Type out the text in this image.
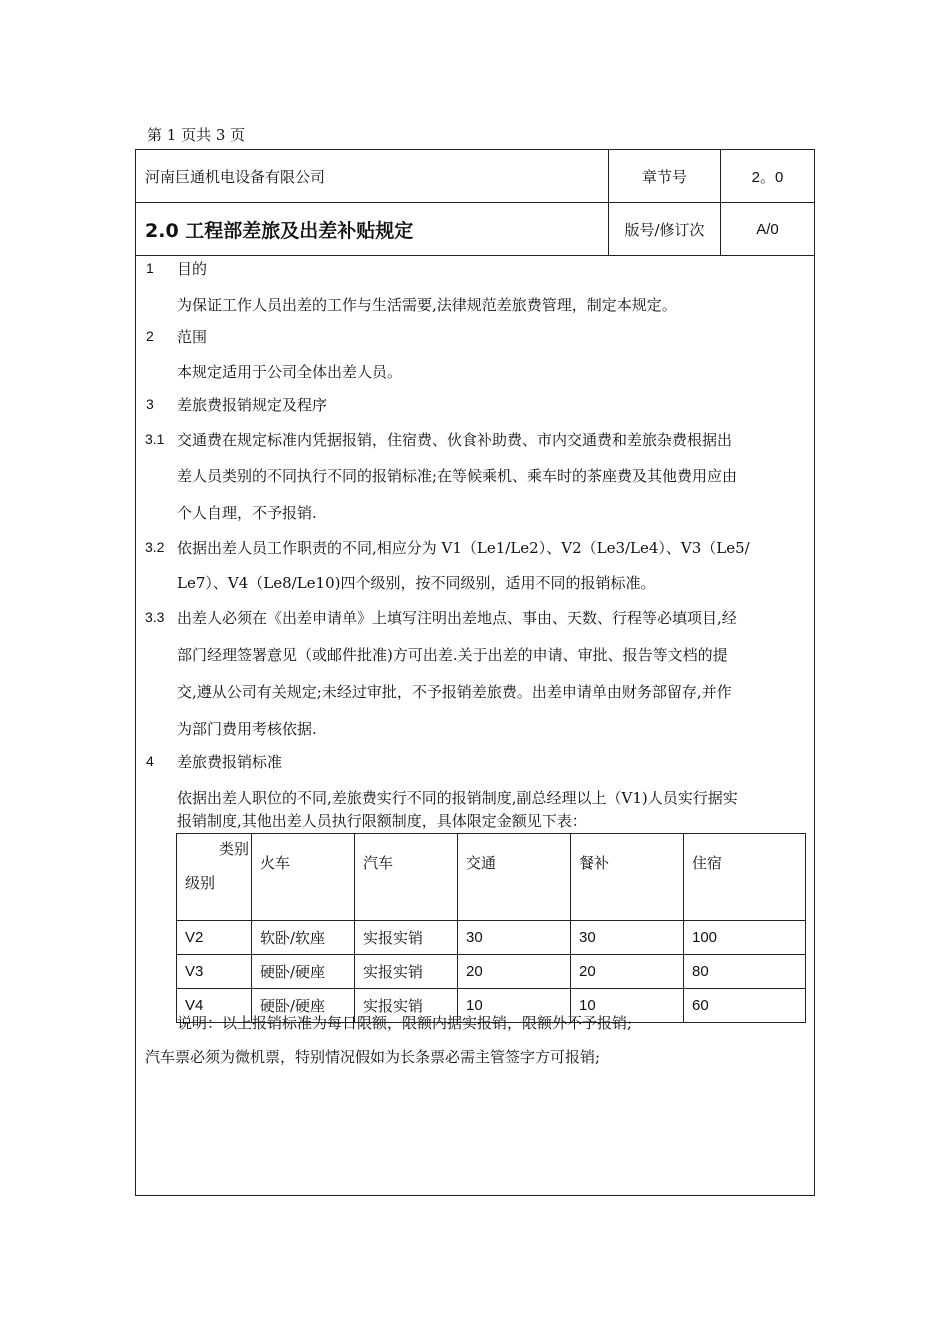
第 1 页共 3 页
河南巨通机电设备有限公司	章节号	2。0
2.0 工程部差旅及出差补贴规定	版号/修订次	A/0
1 目的
为保证工作人员出差的工作与生活需要,法律规范差旅费管理，制定本规定。
2 范围
本规定适用于公司全体出差人员。
3 差旅费报销规定及程序
3.1 交通费在规定标准内凭据报销，住宿费、伙食补助费、市内交通费和差旅杂费根据出
差人员类别的不同执行不同的报销标准;在等候乘机、乘车时的茶座费及其他费用应由
个人自理，不予报销.
3.2 依据出差人员工作职责的不同,相应分为 V1（Le1/Le2）、V2（Le3/Le4）、V3（Le5/
Le7）、V4（Le8/Le10)四个级别，按不同级别，适用不同的报销标准。
3.3 出差人必须在《出差申请单》上填写注明出差地点、事由、天数、行程等必填项目,经
部门经理签署意见（或邮件批准)方可出差.关于出差的申请、审批、报告等文档的提
交,遵从公司有关规定;未经过审批，不予报销差旅费。出差申请单由财务部留存,并作
为部门费用考核依据.
4 差旅费报销标准
依据出差人职位的不同,差旅费实行不同的报销制度,副总经理以上（V1)人员实行据实
报销制度,其他出差人员执行限额制度，具体限定金额见下表：
类别
级别	火车	汽车	交通	餐补	住宿
V2	软卧/软座	实报实销	30	30	100
V3	硬卧/硬座	实报实销	20	20	80
V4	硬卧/硬座	实报实销	10	10	60
说明：以上报销标准为每日限额，限额内据实报销，限额外不予报销;
汽车票必须为微机票，特别情况假如为长条票必需主管签字方可报销;
